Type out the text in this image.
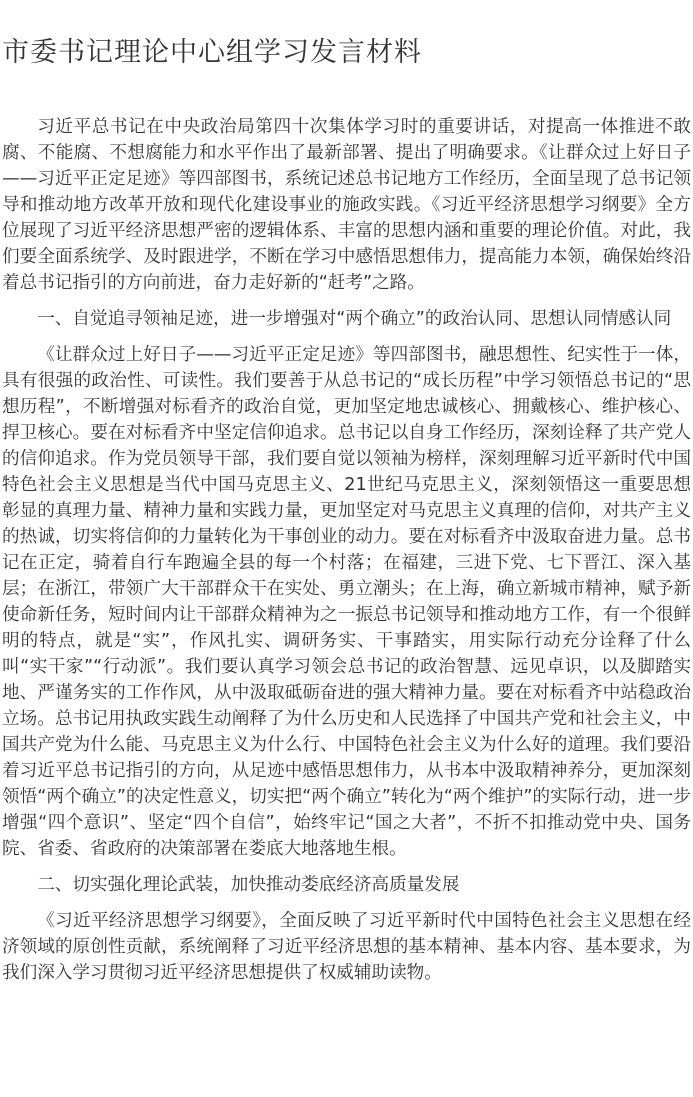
市委书记理论中心组学习发言材料

习近平总书记在中央政治局第四十次集体学习时的重要讲话，对提高一体推进不敢腐、不能腐、不想腐能力和水平作出了最新部署、提出了明确要求。《让群众过上好日子——习近平正定足迹》等四部图书，系统记述总书记地方工作经历，全面呈现了总书记领导和推动地方改革开放和现代化建设事业的施政实践。《习近平经济思想学习纲要》全方位展现了习近平经济思想严密的逻辑体系、丰富的思想内涵和重要的理论价值。对此，我们要全面系统学、及时跟进学，不断在学习中感悟思想伟力，提高能力本领，确保始终沿着总书记指引的方向前进，奋力走好新的“赶考”之路。

一、自觉追寻领袖足迹，进一步增强对“两个确立”的政治认同、思想认同情感认同

《让群众过上好日子——习近平正定足迹》等四部图书，融思想性、纪实性于一体，具有很强的政治性、可读性。我们要善于从总书记的“成长历程”中学习领悟总书记的“思想历程”，不断增强对标看齐的政治自觉，更加坚定地忠诚核心、拥戴核心、维护核心、捍卫核心。要在对标看齐中坚定信仰追求。总书记以自身工作经历，深刻诠释了共产党人的信仰追求。作为党员领导干部，我们要自觉以领袖为榜样，深刻理解习近平新时代中国特色社会主义思想是当代中国马克思主义、21世纪马克思主义，深刻领悟这一重要思想彰显的真理力量、精神力量和实践力量，更加坚定对马克思主义真理的信仰，对共产主义的热诚，切实将信仰的力量转化为干事创业的动力。要在对标看齐中汲取奋进力量。总书记在正定，骑着自行车跑遍全县的每一个村落；在福建，三进下党、七下晋江、深入基层；在浙江，带领广大干部群众干在实处、勇立潮头；在上海，确立新城市精神，赋予新使命新任务，短时间内让干部群众精神为之一振总书记领导和推动地方工作，有一个很鲜明的特点，就是“实”，作风扎实、调研务实、干事踏实，用实际行动充分诠释了什么叫“实干家”“行动派”。我们要认真学习领会总书记的政治智慧、远见卓识，以及脚踏实地、严谨务实的工作作风，从中汲取砥砺奋进的强大精神力量。要在对标看齐中站稳政治立场。总书记用执政实践生动阐释了为什么历史和人民选择了中国共产党和社会主义，中国共产党为什么能、马克思主义为什么行、中国特色社会主义为什么好的道理。我们要沿着习近平总书记指引的方向，从足迹中感悟思想伟力，从书本中汲取精神养分，更加深刻领悟“两个确立”的决定性意义，切实把“两个确立”转化为“两个维护”的实际行动，进一步增强“四个意识”、坚定“四个自信”，始终牢记“国之大者”，不折不扣推动党中央、国务院、省委、省政府的决策部署在娄底大地落地生根。

二、切实强化理论武装，加快推动娄底经济高质量发展

《习近平经济思想学习纲要》，全面反映了习近平新时代中国特色社会主义思想在经济领域的原创性贡献，系统阐释了习近平经济思想的基本精神、基本内容、基本要求，为我们深入学习贯彻习近平经济思想提供了权威辅助读物。
